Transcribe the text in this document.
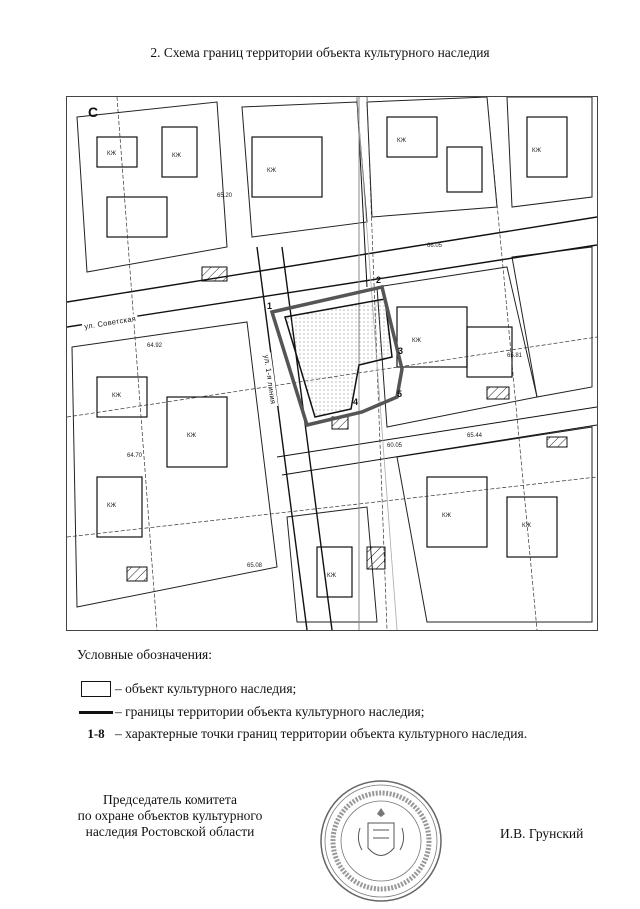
2. Схема границ территории объекта культурного наследия
КЖ	КЖ
КЖ
КЖ
КЖ
КЖ
КЖ
КЖ
КЖ
КЖ
КЖ
КЖ
65.20
66.05
65.81
64.92
65.08
65.44
60.05
64.70
1
2
3
4
5
С
ул. Советская
ул. 1-я линия
Условные обозначения:
– объект культурного наследия;
– границы территории объекта культурного наследия;
1-8 – характерные точки границ территории объекта культурного наследия.
Председатель комитета
по охране объектов культурного
наследия Ростовской области	И.В. Грунский
